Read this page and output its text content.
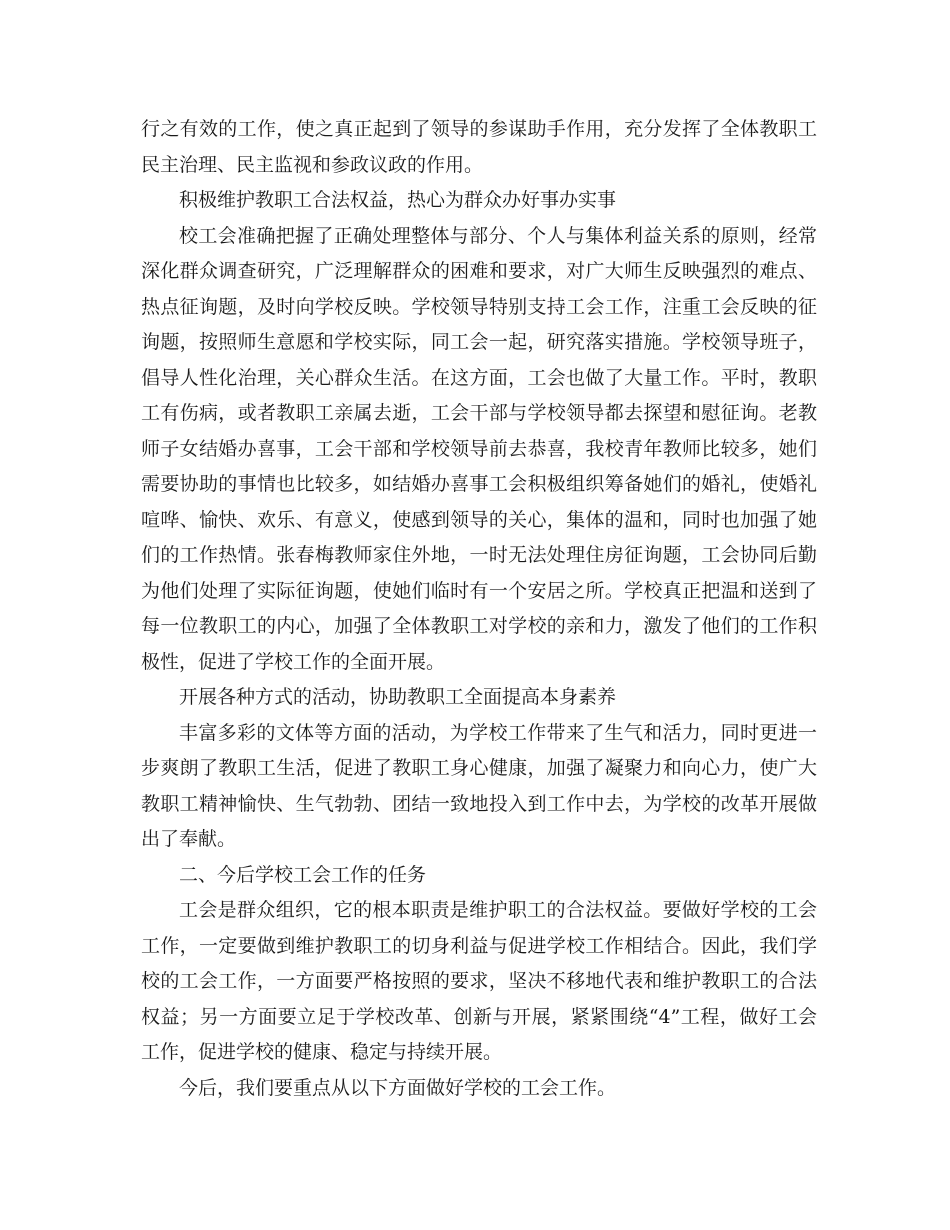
行之有效的工作，使之真正起到了领导的参谋助手作用，充分发挥了全体教职工民主治理、民主监视和参政议政的作用。

积极维护教职工合法权益，热心为群众办好事办实事

校工会准确把握了正确处理整体与部分、个人与集体利益关系的原则，经常深化群众调查研究，广泛理解群众的困难和要求，对广大师生反映强烈的难点、热点征询题，及时向学校反映。学校领导特别支持工会工作，注重工会反映的征询题，按照师生意愿和学校实际，同工会一起，研究落实措施。学校领导班子，倡导人性化治理，关心群众生活。在这方面，工会也做了大量工作。平时，教职工有伤病，或者教职工亲属去逝，工会干部与学校领导都去探望和慰征询。老教师子女结婚办喜事，工会干部和学校领导前去恭喜，我校青年教师比较多，她们需要协助的事情也比较多，如结婚办喜事工会积极组织筹备她们的婚礼，使婚礼喧哗、愉快、欢乐、有意义，使感到领导的关心，集体的温和，同时也加强了她们的工作热情。张春梅教师家住外地，一时无法处理住房征询题，工会协同后勤为他们处理了实际征询题，使她们临时有一个安居之所。学校真正把温和送到了每一位教职工的内心，加强了全体教职工对学校的亲和力，激发了他们的工作积极性，促进了学校工作的全面开展。

开展各种方式的活动，协助教职工全面提高本身素养

丰富多彩的文体等方面的活动，为学校工作带来了生气和活力，同时更进一步爽朗了教职工生活，促进了教职工身心健康，加强了凝聚力和向心力，使广大教职工精神愉快、生气勃勃、团结一致地投入到工作中去，为学校的改革开展做出了奉献。

二、今后学校工会工作的任务

工会是群众组织，它的根本职责是维护职工的合法权益。要做好学校的工会工作，一定要做到维护教职工的切身利益与促进学校工作相结合。因此，我们学校的工会工作，一方面要严格按照的要求，坚决不移地代表和维护教职工的合法权益；另一方面要立足于学校改革、创新与开展，紧紧围绕“4”工程，做好工会工作，促进学校的健康、稳定与持续开展。

今后，我们要重点从以下方面做好学校的工会工作。
